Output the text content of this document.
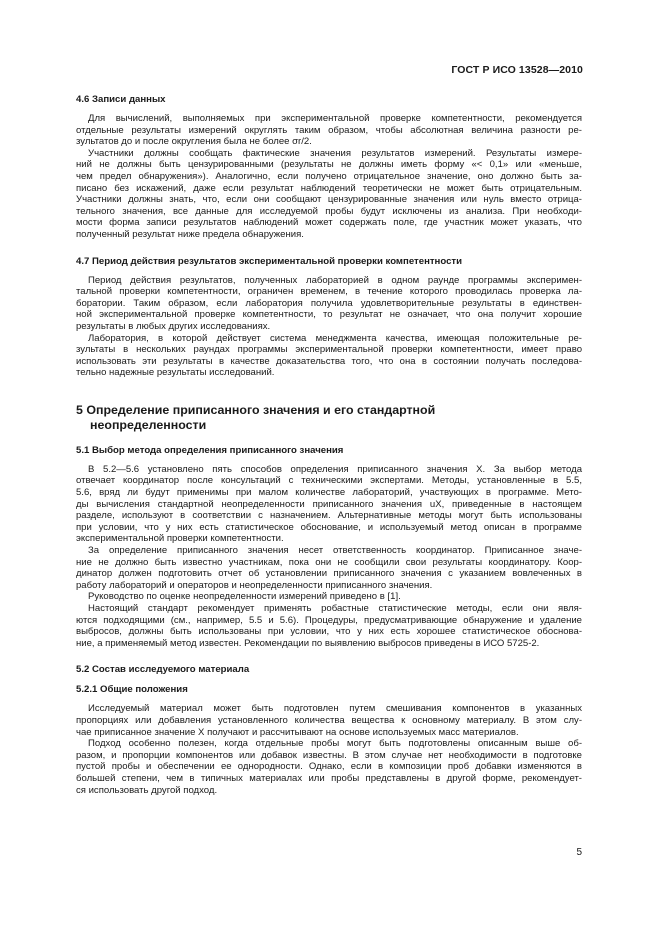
ГОСТ Р ИСО 13528—2010
4.6 Записи данных

Для вычислений, выполняемых при экспериментальной проверке компетентности, рекомендуется
отдельные результаты измерений округлять таким образом, чтобы абсолютная величина разности ре-
зультатов до и после округления была не более σr/2.

Участники должны сообщать фактические значения результатов измерений. Результаты измере-
ний не должны быть цензурированными (результаты не должны иметь форму «< 0,1» или «меньше,
чем предел обнаружения»). Аналогично, если получено отрицательное значение, оно должно быть за-
писано без искажений, даже если результат наблюдений теоретически не может быть отрицательным.
Участники должны знать, что, если они сообщают цензурированные значения или нуль вместо отрица-
тельного значения, все данные для исследуемой пробы будут исключены из анализа. При необходи-
мости форма записи результатов наблюдений может содержать поле, где участник может указать, что
полученный результат ниже предела обнаружения.

4.7 Период действия результатов экспериментальной проверки компетентности

Период действия результатов, полученных лабораторией в одном раунде программы эксперимен-
тальной проверки компетентности, ограничен временем, в течение которого проводилась проверка ла-
боратории. Таким образом, если лаборатория получила удовлетворительные результаты в единствен-
ной экспериментальной проверке компетентности, то результат не означает, что она получит хорошие
результаты в любых других исследованиях.

Лаборатория, в которой действует система менеджмента качества, имеющая положительные ре-
зультаты в нескольких раундах программы экспериментальной проверки компетентности, имеет право
использовать эти результаты в качестве доказательства того, что она в состоянии получать последова-
тельно надежные результаты исследований.

5 Определение приписанного значения и его стандартной
неопределенности
5.1 Выбор метода определения приписанного значения

В 5.2—5.6 установлено пять способов определения приписанного значения X. За выбор метода
отвечает координатор после консультаций с техническими экспертами. Методы, установленные в 5.5,
5.6, вряд ли будут применимы при малом количестве лабораторий, участвующих в программе. Мето-
ды вычисления стандартной неопределенности приписанного значения uX, приведенные в настоящем
разделе, используют в соответствии с назначением. Альтернативные методы могут быть использованы
при условии, что у них есть статистическое обоснование, и используемый метод описан в программе
экспериментальной проверки компетентности.

За определение приписанного значения несет ответственность координатор. Приписанное значе-
ние не должно быть известно участникам, пока они не сообщили свои результаты координатору. Коор-
динатор должен подготовить отчет об установлении приписанного значения с указанием вовлеченных в
работу лабораторий и операторов и неопределенности приписанного значения.

Руководство по оценке неопределенности измерений приведено в [1].

Настоящий стандарт рекомендует применять робастные статистические методы, если они явля-
ются подходящими (см., например, 5.5 и 5.6). Процедуры, предусматривающие обнаружение и удаление
выбросов, должны быть использованы при условии, что у них есть хорошее статистическое обоснова-
ние, а применяемый метод известен. Рекомендации по выявлению выбросов приведены в ИСО 5725-2.

5.2 Состав исследуемого материала
5.2.1 Общие положения

Исследуемый материал может быть подготовлен путем смешивания компонентов в указанных
пропорциях или добавления установленного количества вещества к основному материалу. В этом слу-
чае приписанное значение X получают и рассчитывают на основе используемых масс материалов.

Подход особенно полезен, когда отдельные пробы могут быть подготовлены описанным выше об-
разом, и пропорции компонентов или добавок известны. В этом случае нет необходимости в подготовке
пустой пробы и обеспечении ее однородности. Однако, если в композиции проб добавки изменяются в
большей степени, чем в типичных материалах или пробы представлены в другой форме, рекомендует-
ся использовать другой подход.

5
